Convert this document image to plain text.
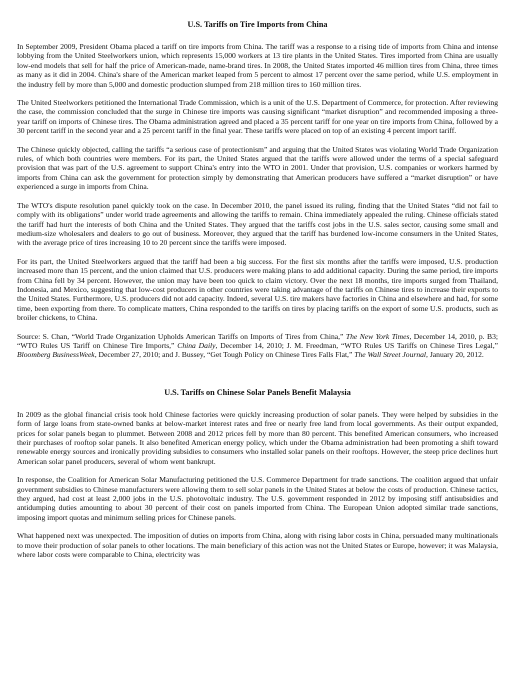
U.S. Tariffs on Tire Imports from China

In September 2009, President Obama placed a tariff on tire imports from China. The tariff was a response to a rising tide of imports from China and intense lobbying from the United Steelworkers union, which represents 15,000 workers at 13 tire plants in the United States. Tires imported from China are usually low-end models that sell for half the price of American-made, name-brand tires. In 2008, the United States imported 46 million tires from China, three times as many as it did in 2004. China's share of the American market leaped from 5 percent to almost 17 percent over the same period, while U.S. employment in the industry fell by more than 5,000 and domestic production slumped from 218 million tires to 160 million tires.

The United Steelworkers petitioned the International Trade Commission, which is a unit of the U.S. Department of Commerce, for protection. After reviewing the case, the commission concluded that the surge in Chinese tire imports was causing significant “market disruption” and recommended imposing a three-year tariff on imports of Chinese tires. The Obama administration agreed and placed a 35 percent tariff for one year on tire imports from China, followed by a 30 percent tariff in the second year and a 25 percent tariff in the final year. These tariffs were placed on top of an existing 4 percent import tariff.

The Chinese quickly objected, calling the tariffs “a serious case of protectionism” and arguing that the United States was violating World Trade Organization rules, of which both countries were members. For its part, the United States argued that the tariffs were allowed under the terms of a special safeguard provision that was part of the U.S. agreement to support China's entry into the WTO in 2001. Under that provision, U.S. companies or workers harmed by imports from China can ask the government for protection simply by demonstrating that American producers have suffered a “market disruption” or have experienced a surge in imports from China.

The WTO's dispute resolution panel quickly took on the case. In December 2010, the panel issued its ruling, finding that the United States “did not fail to comply with its obligations” under world trade agreements and allowing the tariffs to remain. China immediately appealed the ruling. Chinese officials stated the tariff had hurt the interests of both China and the United States. They argued that the tariffs cost jobs in the U.S. sales sector, causing some small and medium-size wholesalers and dealers to go out of business. Moreover, they argued that the tariff has burdened low-income consumers in the United States, with the average price of tires increasing 10 to 20 percent since the tariffs were imposed.

For its part, the United Steelworkers argued that the tariff had been a big success. For the first six months after the tariffs were imposed, U.S. production increased more than 15 percent, and the union claimed that U.S. producers were making plans to add additional capacity. During the same period, tire imports from China fell by 34 percent. However, the union may have been too quick to claim victory. Over the next 18 months, tire imports surged from Thailand, Indonesia, and Mexico, suggesting that low-cost producers in other countries were taking advantage of the tariffs on Chinese tires to increase their exports to the United States. Furthermore, U.S. producers did not add capacity. Indeed, several U.S. tire makers have factories in China and elsewhere and had, for some time, been exporting from there. To complicate matters, China responded to the tariffs on tires by placing tariffs on the export of some U.S. products, such as broiler chickens, to China.

Source: S. Chan, “World Trade Organization Upholds American Tariffs on Imports of Tires from China,” The New York Times, December 14, 2010, p. B3; “WTO Rules US Tariff on Chinese Tire Imports,” China Daily, December 14, 2010; J. M. Freedman, “WTO Rules US Tariffs on Chinese Tires Legal,” Bloomberg BusinessWeek, December 27, 2010; and J. Bussey, “Get Tough Policy on Chinese Tires Falls Flat,” The Wall Street Journal, January 20, 2012.

U.S. Tariffs on Chinese Solar Panels Benefit Malaysia

In 2009 as the global financial crisis took hold Chinese factories were quickly increasing production of solar panels. They were helped by subsidies in the form of large loans from state-owned banks at below-market interest rates and free or nearly free land from local governments. As their output expanded, prices for solar panels began to plummet. Between 2008 and 2012 prices fell by more than 80 percent. This benefited American consumers, who increased their purchases of rooftop solar panels. It also benefited American energy policy, which under the Obama administration had been promoting a shift toward renewable energy sources and ironically providing subsidies to consumers who installed solar panels on their rooftops. However, the steep price declines hurt American solar panel producers, several of whom went bankrupt.

In response, the Coalition for American Solar Manufacturing petitioned the U.S. Commerce Department for trade sanctions. The coalition argued that unfair government subsidies to Chinese manufacturers were allowing them to sell solar panels in the United States at below the costs of production. Chinese tactics, they argued, had cost at least 2,000 jobs in the U.S. photovoltaic industry. The U.S. government responded in 2012 by imposing stiff antisubsidies and antidumping duties amounting to about 30 percent of their cost on panels imported from China. The European Union adopted similar trade sanctions, imposing import quotas and minimum selling prices for Chinese panels.

What happened next was unexpected. The imposition of duties on imports from China, along with rising labor costs in China, persuaded many multinationals to move their production of solar panels to other locations. The main beneficiary of this action was not the United States or Europe, however; it was Malaysia, where labor costs were comparable to China, electricity was
